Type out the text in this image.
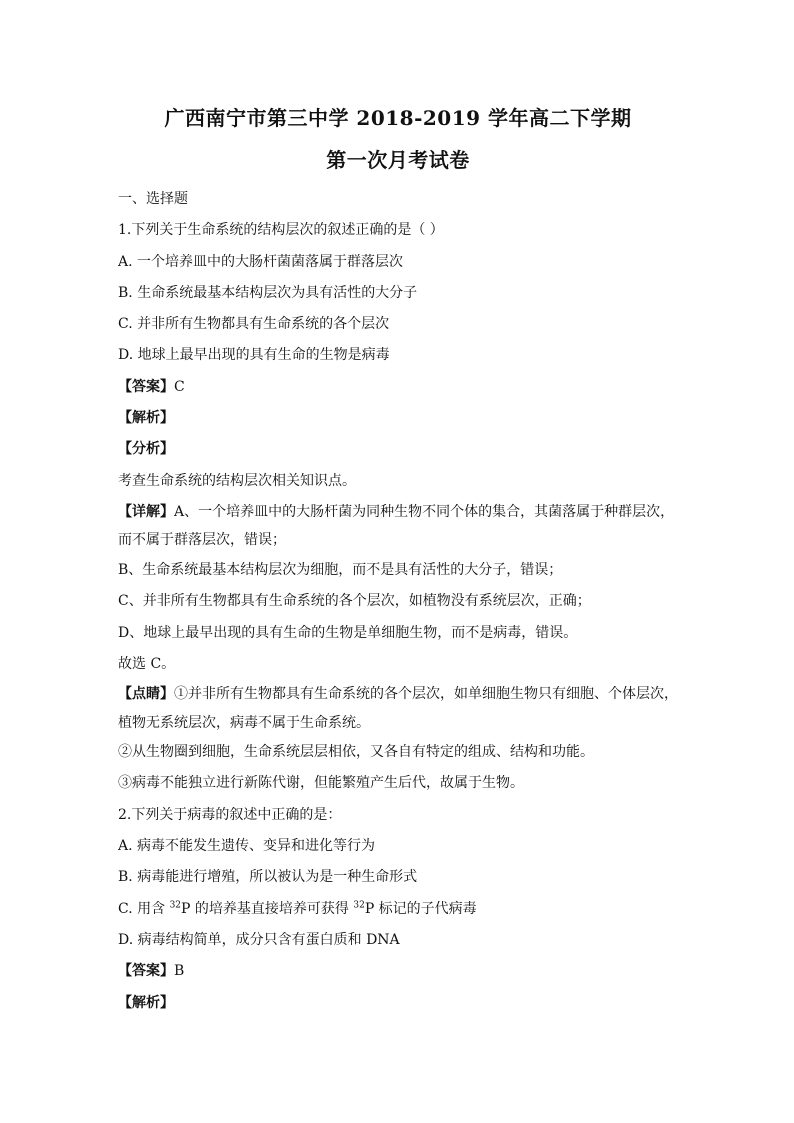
广西南宁市第三中学 2018-2019 学年高二下学期

第一次月考试卷

一、选择题

1.下列关于生命系统的结构层次的叙述正确的是（ ）

A. 一个培养皿中的大肠杆菌菌落属于群落层次

B. 生命系统最基本结构层次为具有活性的大分子

C. 并非所有生物都具有生命系统的各个层次

D. 地球上最早出现的具有生命的生物是病毒

【答案】C

【解析】

【分析】

考查生命系统的结构层次相关知识点。

【详解】A、一个培养皿中的大肠杆菌为同种生物不同个体的集合，其菌落属于种群层次，而不属于群落层次，错误；

B、生命系统最基本结构层次为细胞，而不是具有活性的大分子，错误；

C、并非所有生物都具有生命系统的各个层次，如植物没有系统层次，正确；

D、地球上最早出现的具有生命的生物是单细胞生物，而不是病毒，错误。

故选 C。

【点睛】①并非所有生物都具有生命系统的各个层次，如单细胞生物只有细胞、个体层次，植物无系统层次，病毒不属于生命系统。

②从生物圈到细胞，生命系统层层相依，又各自有特定的组成、结构和功能。

③病毒不能独立进行新陈代谢，但能繁殖产生后代，故属于生物。

2.下列关于病毒的叙述中正确的是：

A. 病毒不能发生遗传、变异和进化等行为

B. 病毒能进行增殖，所以被认为是一种生命形式

C. 用含 $^{32}$P 的培养基直接培养可获得 $^{32}$P 标记的子代病毒

D. 病毒结构简单，成分只含有蛋白质和 DNA

【答案】B

【解析】
